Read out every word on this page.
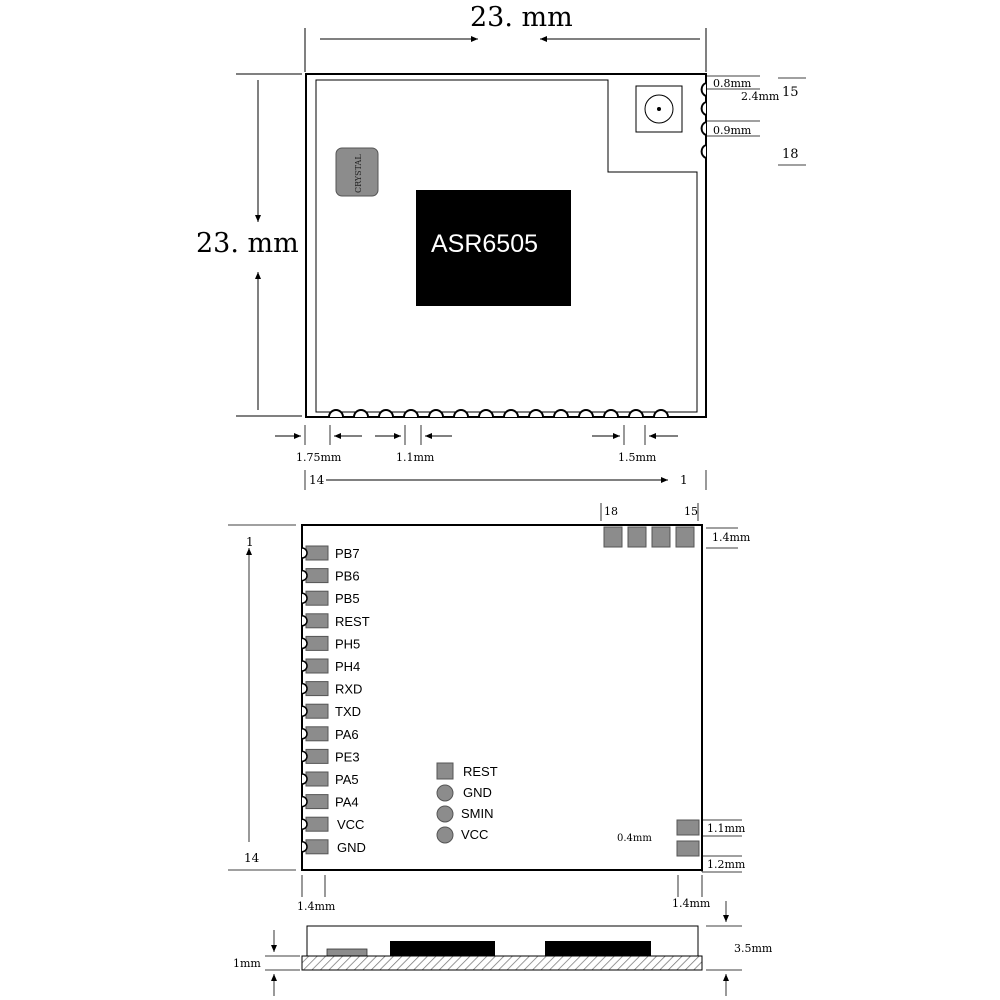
23. mm
23. mm
CRYSTAL
ASR6505
0.8mm
2.4mm
0.9mm
15
18
1.75mm	1.1mm	1.5mm
14	1
18	15
1.4mm
1
14
PB7
PB6
PB5
REST
PH5
PH4
RXD
TXD
PA6
PE3
PA5
PA4
VCC
GND
REST
GND
SMIN
VCC	0.4mm
1.1mm
1.2mm
1.4mm	1.4mm
1mm
3.5mm
